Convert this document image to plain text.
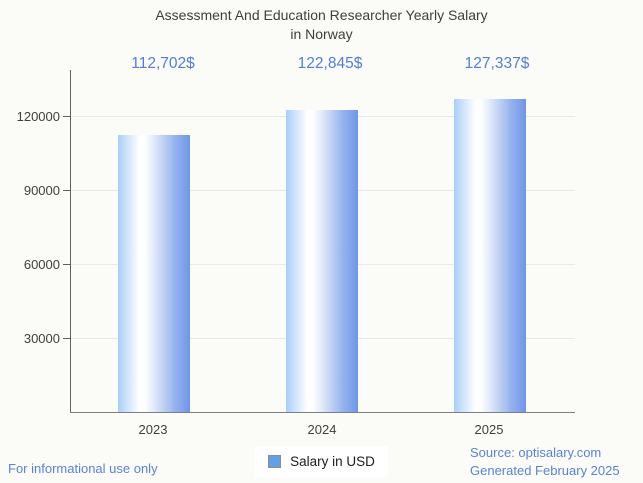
Assessment And Education Researcher Yearly Salary
in Norway
112,702$	122,845$	127,337$
30000
60000
90000
120000
2023	2024	2025
Salary in USD
For informational use only
Source: optisalary.com
Generated February 2025
